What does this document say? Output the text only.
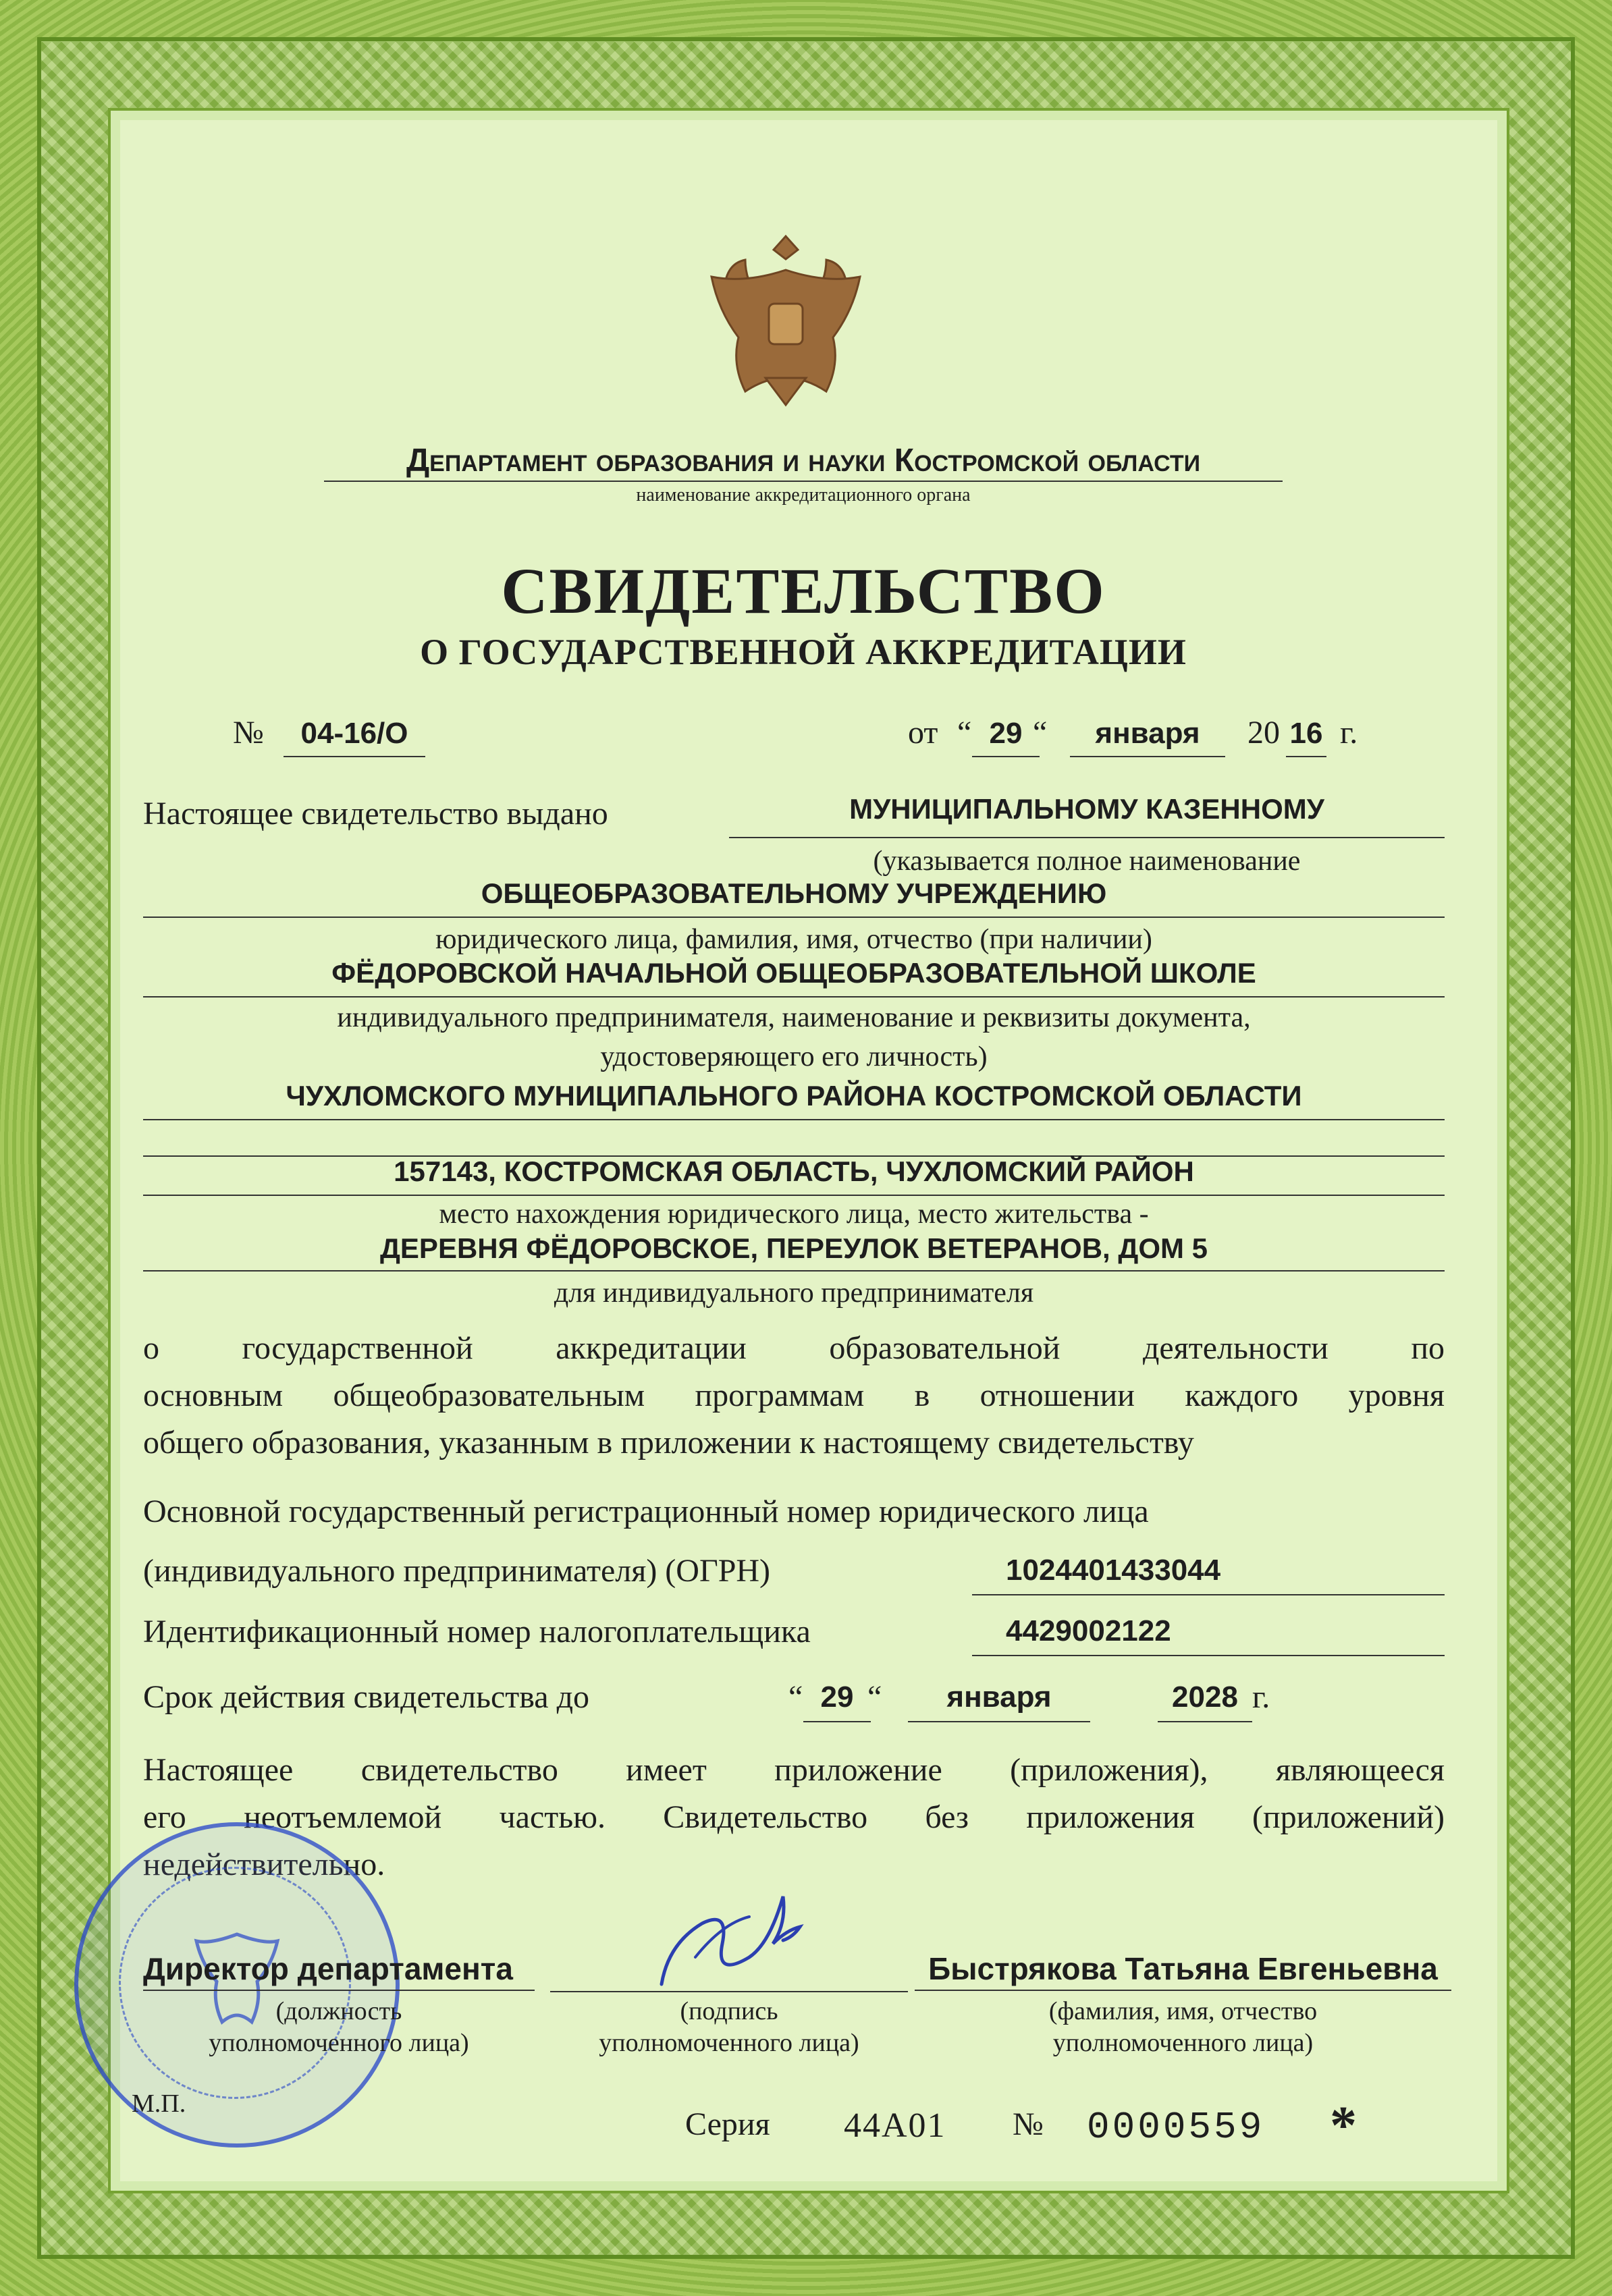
Департамент образования и науки Костромской области
наименование аккредитационного органа
СВИДЕТЕЛЬСТВО
О ГОСУДАРСТВЕННОЙ АККРЕДИТАЦИИ
№	04-16/О	от “ 29 “	января	20 16 г.
Настоящее свидетельство выдано	МУНИЦИПАЛЬНОМУ КАЗЕННОМУ
(указывается полное наименование
ОБЩЕОБРАЗОВАТЕЛЬНОМУ УЧРЕЖДЕНИЮ
юридического лица, фамилия, имя, отчество (при наличии)
ФЁДОРОВСКОЙ НАЧАЛЬНОЙ ОБЩЕОБРАЗОВАТЕЛЬНОЙ ШКОЛЕ
индивидуального предпринимателя, наименование и реквизиты документа,
удостоверяющего его личность)
ЧУХЛОМСКОГО МУНИЦИПАЛЬНОГО РАЙОНА КОСТРОМСКОЙ ОБЛАСТИ
157143, КОСТРОМСКАЯ ОБЛАСТЬ, ЧУХЛОМСКИЙ РАЙОН
место нахождения юридического лица, место жительства -
ДЕРЕВНЯ ФЁДОРОВСКОЕ, ПЕРЕУЛОК ВЕТЕРАНОВ, ДОМ 5
для индивидуального предпринимателя
о государственной аккредитации образовательной деятельности по
основным общеобразовательным программам в отношении каждого уровня
общего образования, указанным в приложении к настоящему свидетельству
Основной государственный регистрационный номер юридического лица
(индивидуального предпринимателя) (ОГРН)	1024401433044
Идентификационный номер налогоплательщика	4429002122
Срок действия свидетельства до	“ 29 “	января	2028 г.
Настоящее свидетельство имеет приложение (приложения), являющееся
его неотъемлемой частью. Свидетельство без приложения (приложений)
недействительно.
Директор департамента
(должность
уполномоченного лица)
(подпись
уполномоченного лица)
Быстрякова Татьяна Евгеньевна
(фамилия, имя, отчество
уполномоченного лица)
М.П.
Серия 44А01 № 0000559 *
